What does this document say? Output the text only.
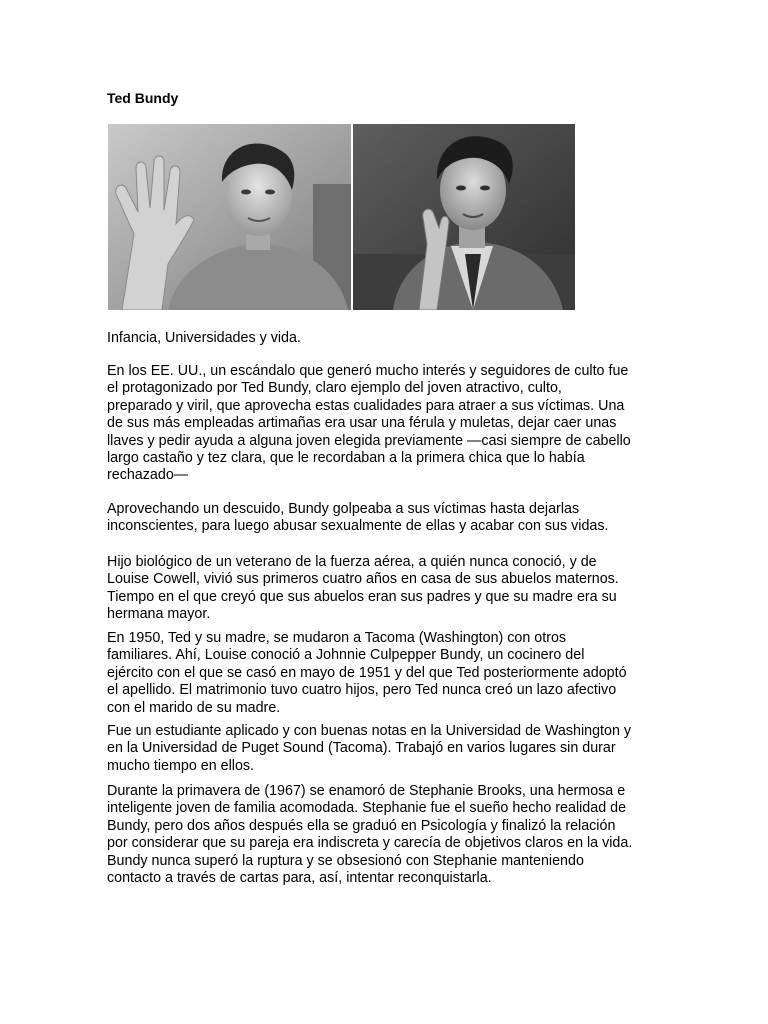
Ted Bundy
Infancia, Universidades y vida.
En los EE. UU., un escándalo que generó mucho interés y seguidores de culto fue
el protagonizado por Ted Bundy, claro ejemplo del joven atractivo, culto,
preparado y viril, que aprovecha estas cualidades para atraer a sus víctimas. Una
de sus más empleadas artimañas era usar una férula y muletas, dejar caer unas
llaves y pedir ayuda a alguna joven elegida previamente —casi siempre de cabello
largo castaño y tez clara, que le recordaban a la primera chica que lo había
rechazado—
Aprovechando un descuido, Bundy golpeaba a sus víctimas hasta dejarlas
inconscientes, para luego abusar sexualmente de ellas y acabar con sus vidas.
Hijo biológico de un veterano de la fuerza aérea, a quién nunca conoció, y de
Louise Cowell, vivió sus primeros cuatro años en casa de sus abuelos maternos.
Tiempo en el que creyó que sus abuelos eran sus padres y que su madre era su
hermana mayor.
En 1950, Ted y su madre, se mudaron a Tacoma (Washington) con otros
familiares. Ahí, Louise conoció a Johnnie Culpepper Bundy, un cocinero del
ejército con el que se casó en mayo de 1951 y del que Ted posteriormente adoptó
el apellido. El matrimonio tuvo cuatro hijos, pero Ted nunca creó un lazo afectivo
con el marido de su madre.
Fue un estudiante aplicado y con buenas notas en la Universidad de Washington y
en la Universidad de Puget Sound (Tacoma). Trabajó en varios lugares sin durar
mucho tiempo en ellos.
Durante la primavera de (1967) se enamoró de Stephanie Brooks, una hermosa e
inteligente joven de familia acomodada. Stephanie fue el sueño hecho realidad de
Bundy, pero dos años después ella se graduó en Psicología y finalizó la relación
por considerar que su pareja era indiscreta y carecía de objetivos claros en la vida.
Bundy nunca superó la ruptura y se obsesionó con Stephanie manteniendo
contacto a través de cartas para, así, intentar reconquistarla.
